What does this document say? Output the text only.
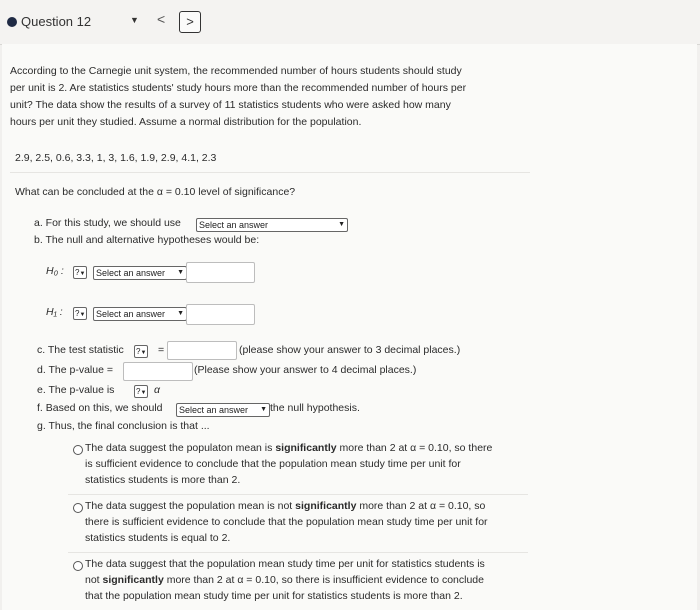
Question 12	▼ <	>
According to the Carnegie unit system, the recommended number of hours students should study
per unit is 2. Are statistics students' study hours more than the recommended number of hours per
unit? The data show the results of a survey of 11 statistics students who were asked how many
hours per unit they studied. Assume a normal distribution for the population.
2.9, 2.5, 0.6, 3.3, 1, 3, 1.6, 1.9, 2.9, 4.1, 2.3
What can be concluded at the α = 0.10 level of significance?
a. For this study, we should use	Select an answer	▼
b. The null and alternative hypotheses would be:
H₀ : ?▼	Select an answer ▼
H₁ : ?▼	Select an answer ▼
c. The test statistic ?▼ =	(please show your answer to 3 decimal places.)
d. The p-value =	(Please show your answer to 4 decimal places.)
e. The p-value is	?▼ α
f. Based on this, we should	Select an answer ▼ the null hypothesis.
g. Thus, the final conclusion is that ...
The data suggest the populaton mean is significantly more than 2 at α = 0.10, so there
is sufficient evidence to conclude that the population mean study time per unit for
statistics students is more than 2.
The data suggest the population mean is not significantly more than 2 at α = 0.10, so
there is sufficient evidence to conclude that the population mean study time per unit for
statistics students is equal to 2.
The data suggest that the population mean study time per unit for statistics students is
not significantly more than 2 at α = 0.10, so there is insufficient evidence to conclude
that the population mean study time per unit for statistics students is more than 2.
